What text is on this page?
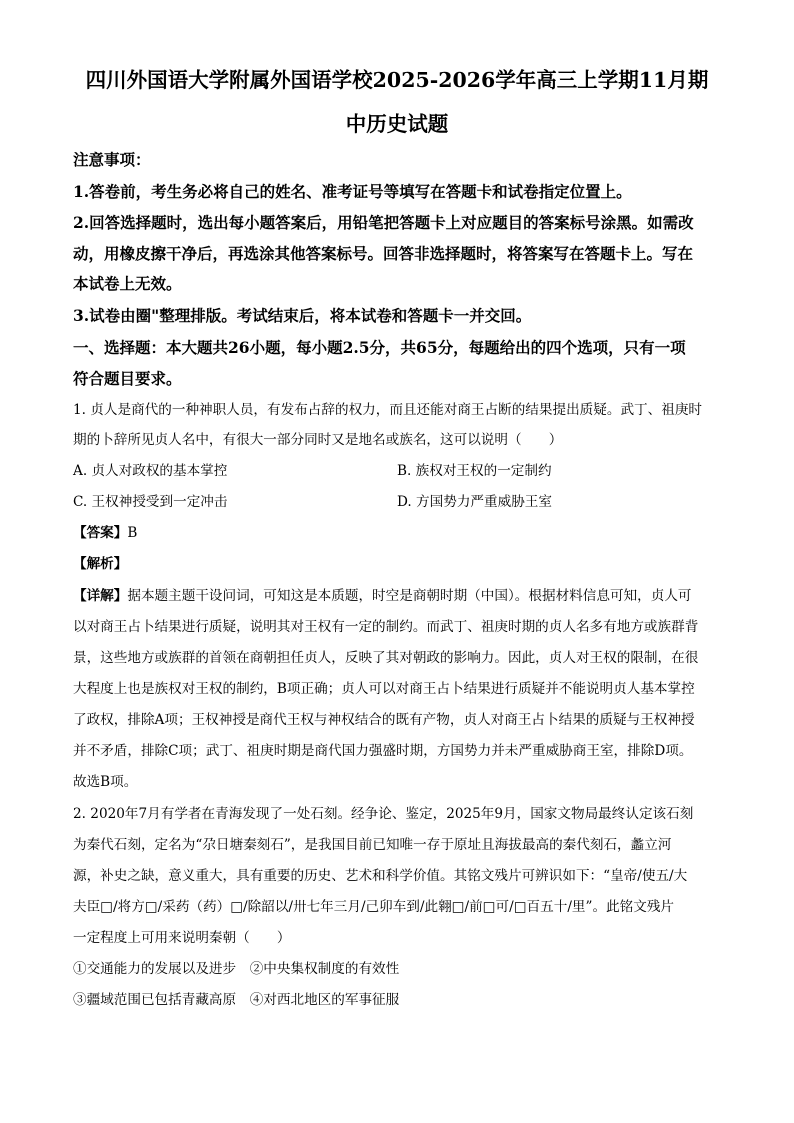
四川外国语大学附属外国语学校2025-2026学年高三上学期11月期
中历史试题
注意事项：
1.答卷前，考生务必将自己的姓名、准考证号等填写在答题卡和试卷指定位置上。
2.回答选择题时，选出每小题答案后，用铅笔把答题卡上对应题目的答案标号涂黑。如需改
动，用橡皮擦干净后，再选涂其他答案标号。回答非选择题时，将答案写在答题卡上。写在
本试卷上无效。
3.试卷由圈"整理排版。考试结束后，将本试卷和答题卡一并交回。
一、选择题：本大题共26小题，每小题2.5分，共65分，每题给出的四个选项，只有一项
符合题目要求。
1. 贞人是商代的一种神职人员，有发布占辞的权力，而且还能对商王占断的结果提出质疑。武丁、祖庚时
期的卜辞所见贞人名中，有很大一部分同时又是地名或族名，这可以说明（　　）
A. 贞人对政权的基本掌控	B. 族权对王权的一定制约
C. 王权神授受到一定冲击	D. 方国势力严重威胁王室
【答案】B
【解析】
【详解】据本题主题干设问词，可知这是本质题，时空是商朝时期（中国）。根据材料信息可知，贞人可
以对商王占卜结果进行质疑，说明其对王权有一定的制约。而武丁、祖庚时期的贞人名多有地方或族群背
景，这些地方或族群的首领在商朝担任贞人，反映了其对朝政的影响力。因此，贞人对王权的限制，在很
大程度上也是族权对王权的制约，B项正确；贞人可以对商王占卜结果进行质疑并不能说明贞人基本掌控
了政权，排除A项；王权神授是商代王权与神权结合的既有产物，贞人对商王占卜结果的质疑与王权神授
并不矛盾，排除C项；武丁、祖庚时期是商代国力强盛时期，方国势力并未严重威胁商王室，排除D项。
故选B项。
2. 2020年7月有学者在青海发现了一处石刻。经争论、鉴定，2025年9月，国家文物局最终认定该石刻
为秦代石刻，定名为“尕日塘秦刻石”，是我国目前已知唯一存于原址且海拔最高的秦代刻石，蠡立河
源，补史之缺，意义重大，具有重要的历史、艺术和科学价值。其铭文残片可辨识如下：“皇帝/使五/大
夫臣□/将方□/采药（药）□/除韶以/卅七年三月/己卯车到/此翱□/前□可/□百五十/里”。此铭文残片
一定程度上可用来说明秦朝（　　）
①交通能力的发展以及进步　②中央集权制度的有效性
③疆域范围已包括青藏高原　④对西北地区的军事征服
